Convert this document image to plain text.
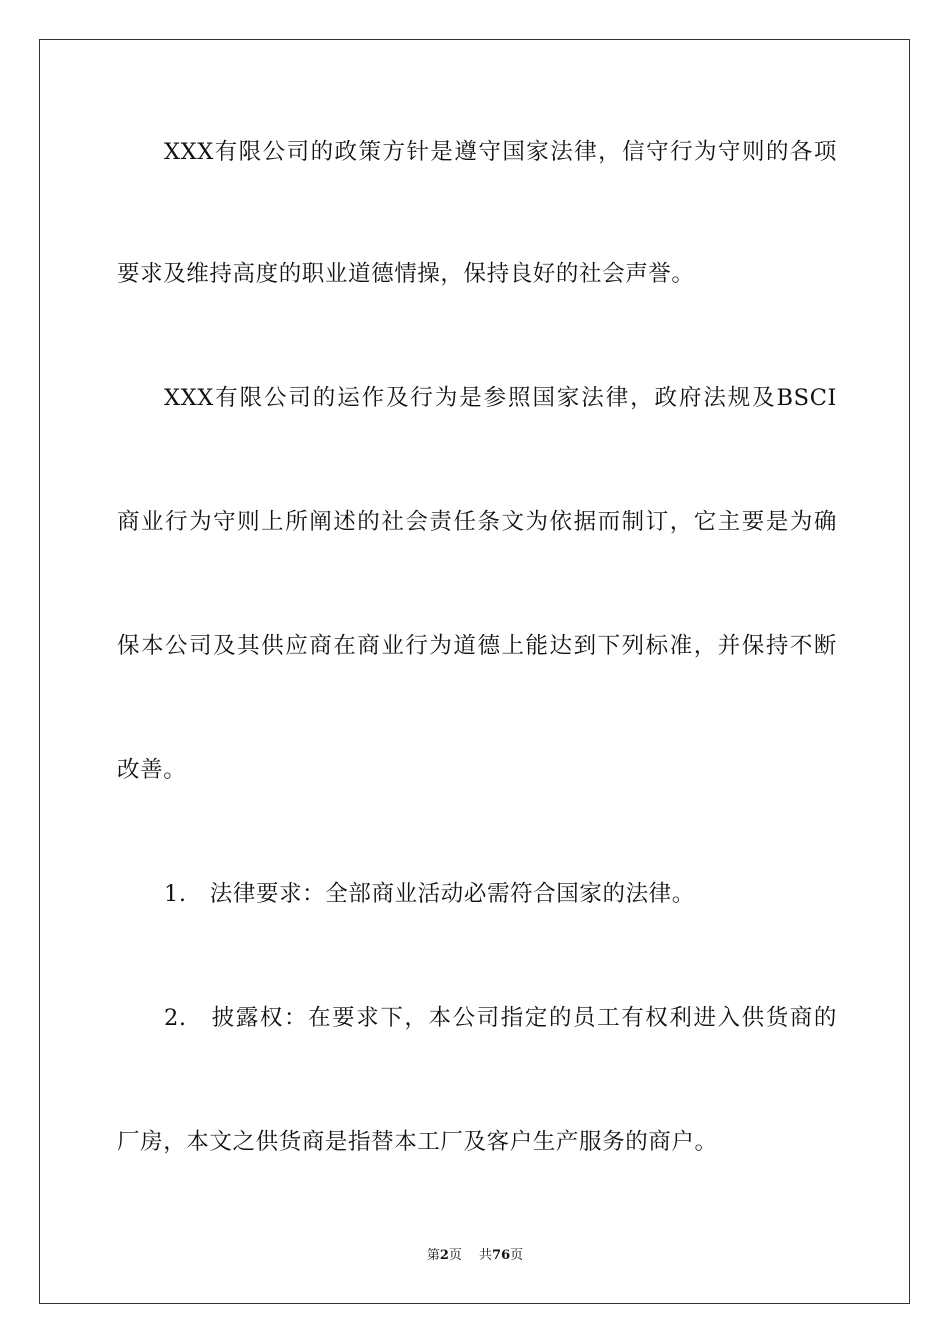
XXX有限公司的政策方针是遵守国家法律，信守行为守则的各项
要求及维持高度的职业道德情操，保持良好的社会声誉。
XXX有限公司的运作及行为是参照国家法律，政府法规及BSCI
商业行为守则上所阐述的社会责任条文为依据而制订，它主要是为确
保本公司及其供应商在商业行为道德上能达到下列标准，并保持不断
改善。
1.　法律要求：全部商业活动必需符合国家的法律。
2.　披露权：在要求下，本公司指定的员工有权利进入供货商的
厂房，本文之供货商是指替本工厂及客户生产服务的商户。
第2页　 共76页
